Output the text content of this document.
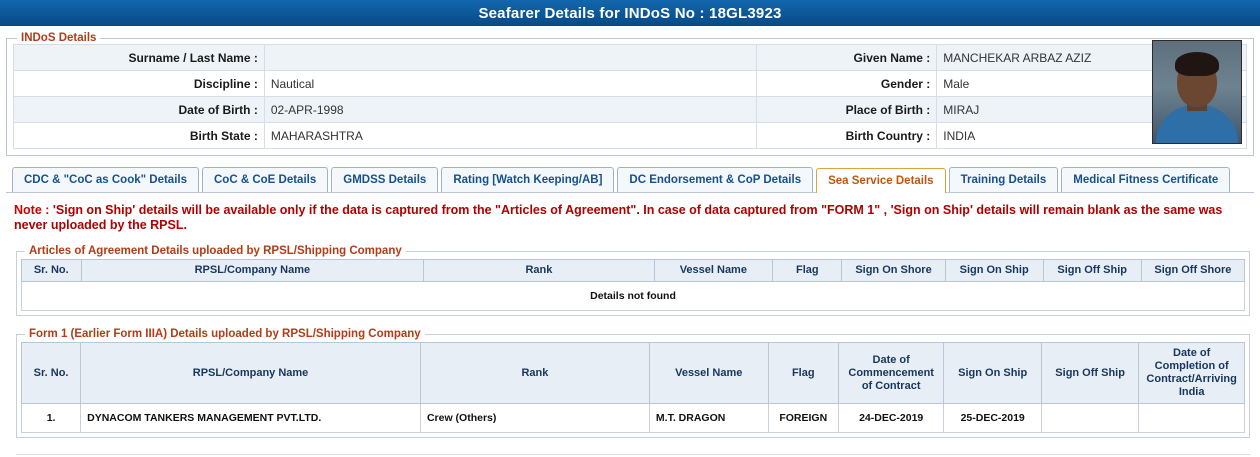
Seafarer Details for INDoS No : 18GL3923
INDoS Details
Surname / Last Name :		Given Name :	MANCHEKAR ARBAZ AZIZ
Discipline :	Nautical	Gender :	Male
Date of Birth :	02-APR-1998	Place of Birth :	MIRAJ
Birth State :	MAHARASHTRA	Birth Country :	INDIA
CDC & "CoC as Cook" Details	CoC & CoE Details	GMDSS Details	Rating [Watch Keeping/AB]	DC Endorsement & CoP Details	Sea Service Details	Training Details	Medical Fitness Certificate
Note : 'Sign on Ship' details will be available only if the data is captured from the "Articles of Agreement". In case of data captured from "FORM 1" , 'Sign on Ship' details will remain blank as the same was never uploaded by the RPSL.
Articles of Agreement Details uploaded by RPSL/Shipping Company
Sr. No.	RPSL/Company Name	Rank	Vessel Name	Flag	Sign On Shore	Sign On Ship	Sign Off Ship	Sign Off Shore
Details not found
Form 1 (Earlier Form IIIA) Details uploaded by RPSL/Shipping Company
Sr. No.	RPSL/Company Name	Rank	Vessel Name	Flag	Date of Commencement of Contract	Sign On Ship	Sign Off Ship	Date of Completion of Contract/Arriving India
1.	DYNACOM TANKERS MANAGEMENT PVT.LTD.	Crew (Others)	M.T. DRAGON	FOREIGN	24-DEC-2019	25-DEC-2019		
